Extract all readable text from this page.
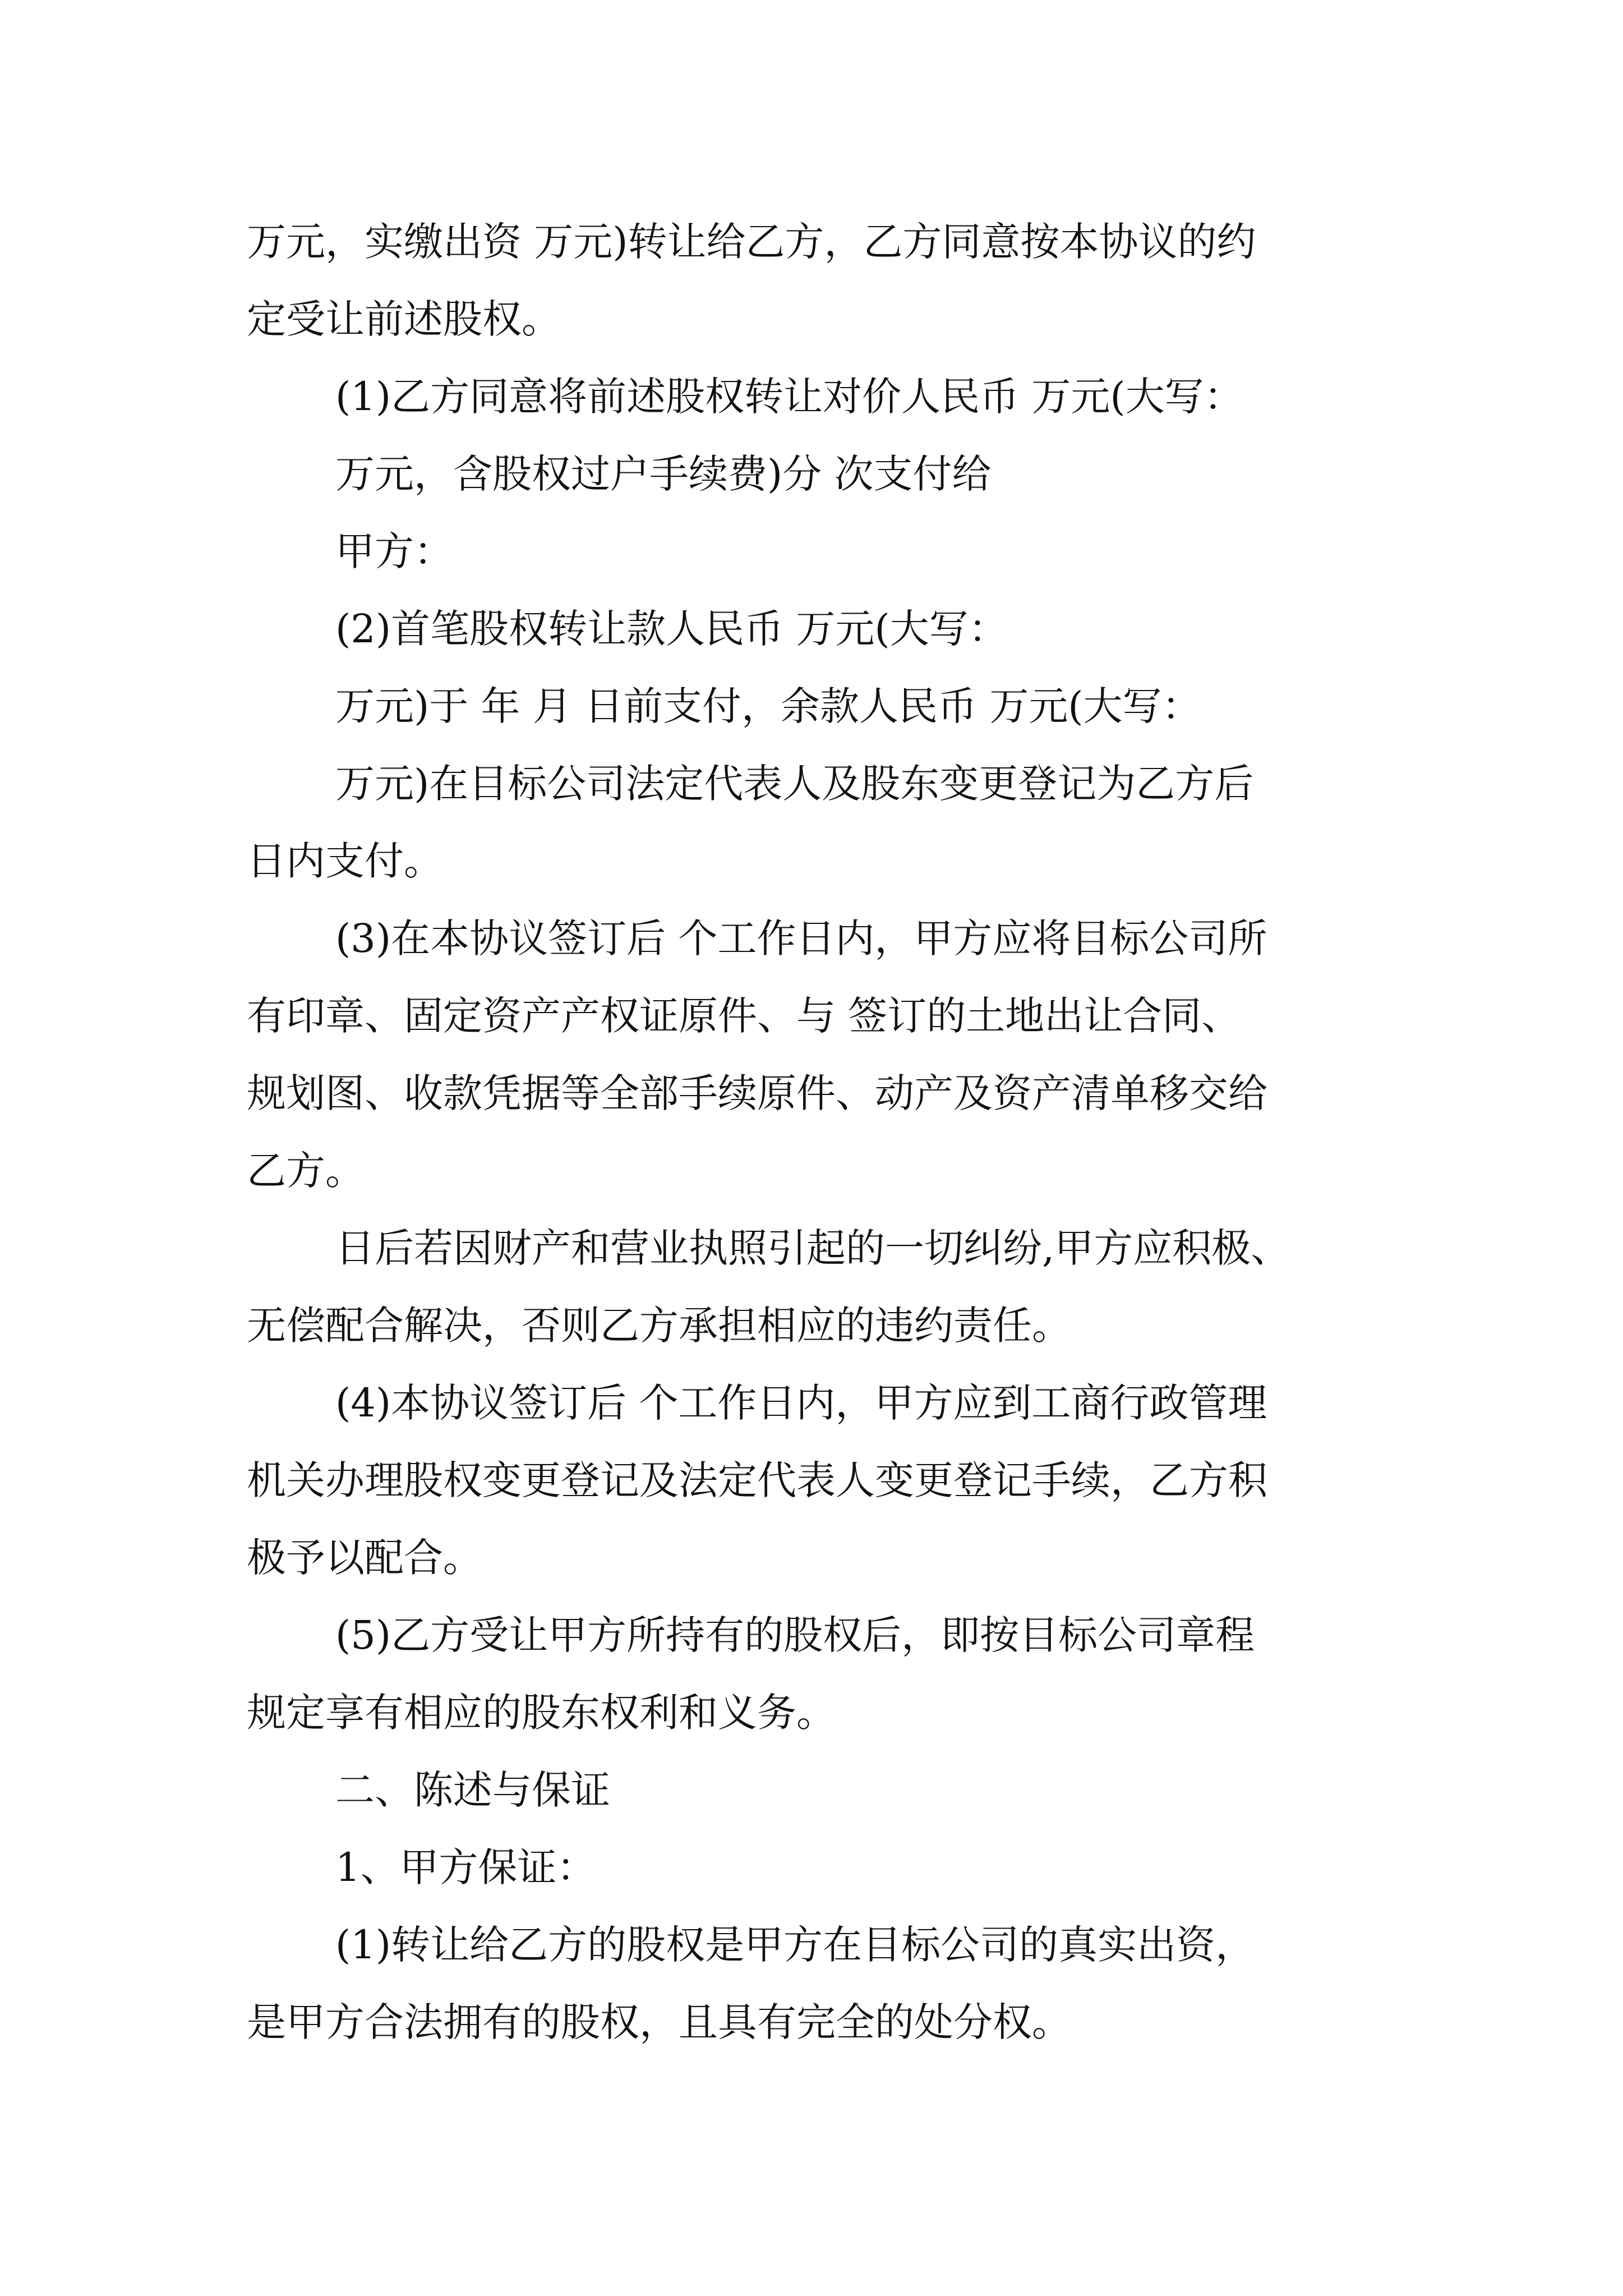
万元，实缴出资 万元)转让给乙方，乙方同意按本协议的约
定受让前述股权。
(1)乙方同意将前述股权转让对价人民币 万元(大写：
万元，含股权过户手续费)分 次支付给
甲方：
(2)首笔股权转让款人民币 万元(大写：
万元)于 年 月 日前支付，余款人民币 万元(大写：
万元)在目标公司法定代表人及股东变更登记为乙方后
日内支付。
(3)在本协议签订后 个工作日内，甲方应将目标公司所
有印章、固定资产产权证原件、与 签订的土地出让合同、
规划图、收款凭据等全部手续原件、动产及资产清单移交给
乙方。
日后若因财产和营业执照引起的一切纠纷,甲方应积极、
无偿配合解决，否则乙方承担相应的违约责任。
(4)本协议签订后 个工作日内，甲方应到工商行政管理
机关办理股权变更登记及法定代表人变更登记手续，乙方积
极予以配合。
(5)乙方受让甲方所持有的股权后，即按目标公司章程
规定享有相应的股东权利和义务。
二、陈述与保证
1、甲方保证：
(1)转让给乙方的股权是甲方在目标公司的真实出资，
是甲方合法拥有的股权，且具有完全的处分权。
